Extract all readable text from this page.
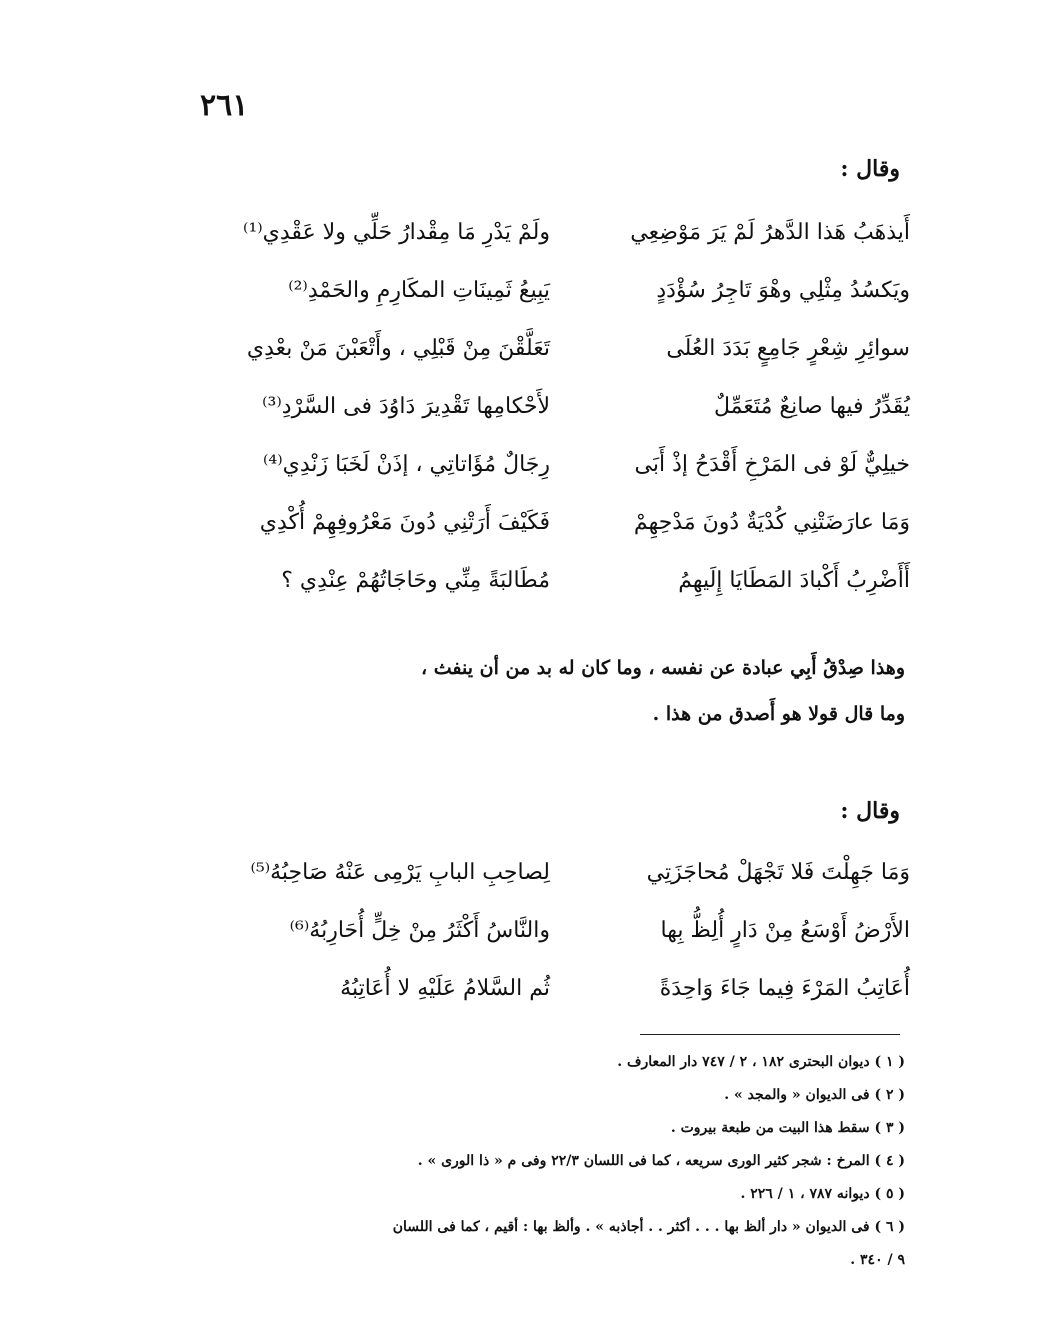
٢٦١
وقال :
أَيذهَبُ هَذا الدَّهرُ لَمْ يَرَ مَوْضِعِي
ولَمْ يَدْرِ مَا مِقْدارُ حَلِّي ولا عَقْدِي⁽¹⁾
ويَكسُدُ مِثْلِي وهْوَ تَاجِرُ سُؤْدَدٍ
يَبِيعُ ثَمِينَاتِ المكَارِمِ والحَمْدِ⁽²⁾
سوائِرِ شِعْرٍ جَامِعٍ بَدَدَ العُلَى
تَعَلَّقْنَ مِنْ قَبْلِي ، وأَتْعَبْنَ مَنْ بعْدِي
يُقَدِّرُ فيها صانِعٌ مُتَعَمِّلٌ
لأَحْكامِها تَقْدِيرَ دَاوُدَ فى السَّرْدِ⁽³⁾
خيلِيٌّ لَوْ فى المَرْخِ أَقْدَحُ إذْ أَبَى
رِجَالٌ مُؤَاتاتِي ، إذَنْ لَخَبَا زَنْدِي⁽⁴⁾
وَمَا عارَضَتْنِي كُدْيَةٌ دُونَ مَدْحِهِمْ
فَكَيْفَ أَرَتْنِي دُونَ مَعْرُوفِهِمْ أُكْدِي
أَأَضْرِبُ أَكْبادَ المَطَايَا إِلَيهِمُ
مُطَالبَةً مِنِّي وحَاجَاتُهُمْ عِنْدِي ؟

وهذا صِدْقُ أَبِي عبادة عن نفسه ، وما كان له بد من أن ينفث ،

وما قال قولا هو أَصدق من هذا .

وقال :
وَمَا جَهِلْتَ فَلا تَجْهَلْ مُحاجَزَتِي
لِصاحِبِ البابِ يَرْمِى عَنْهُ صَاحِبُهُ⁽⁵⁾
الأَرْضُ أَوْسَعُ مِنْ دَارٍ أُلِظُّ بِها
والنَّاسُ أَكْثَرُ مِنْ خِلٍّ أُحَارِبُهُ⁽⁶⁾
أُعَاتِبُ المَرْءَ فِيما جَاءَ وَاحِدَةً
ثُم السَّلامُ عَلَيْهِ لا أُعَاتِبُهُ
( ١ ) ديوان البحترى ١٨٢ ، ٢ / ٧٤٧ دار المعارف .
( ٢ ) فى الديوان « والمجد » .
( ٣ ) سقط هذا البيت من طبعة بيروت .
( ٤ ) المرخ : شجر كثير الورى سريعه ، كما فى اللسان ٢٢/٣ وفى م « ذا الورى » .
( ٥ ) ديوانه ٧٨٧ ، ١ / ٢٢٦ .
( ٦ ) فى الديوان « دار ألظ بها . . . أكثر . . أجاذبه » . وألظ بها : أقيم ، كما فى اللسان
٩ / ٣٤٠ .
